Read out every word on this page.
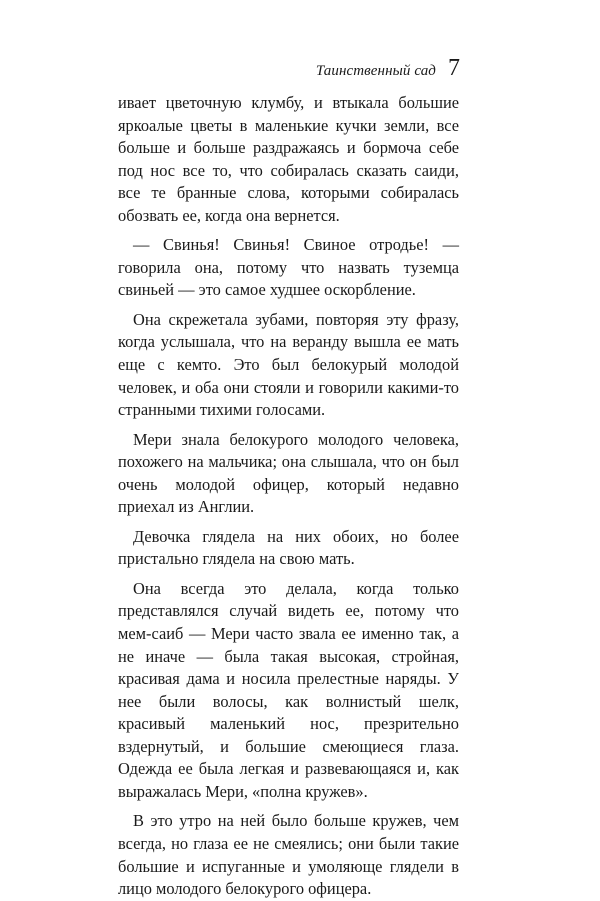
Таинственный сад 7

ивает цветочную клумбу, и втыкала большие яркоалые цветы в маленькие кучки земли, все больше и больше раздражаясь и бормоча себе под нос все то, что собиралась сказать саиди, все те бранные слова, которыми собиралась обозвать ее, когда она вернется.

— Свинья! Свинья! Свиное отродье! — говорила она, потому что назвать туземца свиньей — это самое худшее оскорбление.

Она скрежетала зубами, повторяя эту фразу, когда услышала, что на веранду вышла ее мать еще с кемто. Это был белокурый молодой человек, и оба они стояли и говорили какими-то странными тихими голосами.

Мери знала белокурого молодого человека, похожего на мальчика; она слышала, что он был очень молодой офицер, который недавно приехал из Англии.

Девочка глядела на них обоих, но более пристально глядела на свою мать.

Она всегда это делала, когда только представлялся случай видеть ее, потому что мем-саиб — Мери часто звала ее именно так, а не иначе — была такая высокая, стройная, красивая дама и носила прелестные наряды. У нее были волосы, как волнистый шелк, красивый маленький нос, презрительно вздернутый, и большие смеющиеся глаза. Одежда ее была легкая и развевающаяся и, как выражалась Мери, «полна кружев».

В это утро на ней было больше кружев, чем всегда, но глаза ее не смеялись; они были такие большие и испуганные и умоляюще глядели в лицо молодого белокурого офицера.
